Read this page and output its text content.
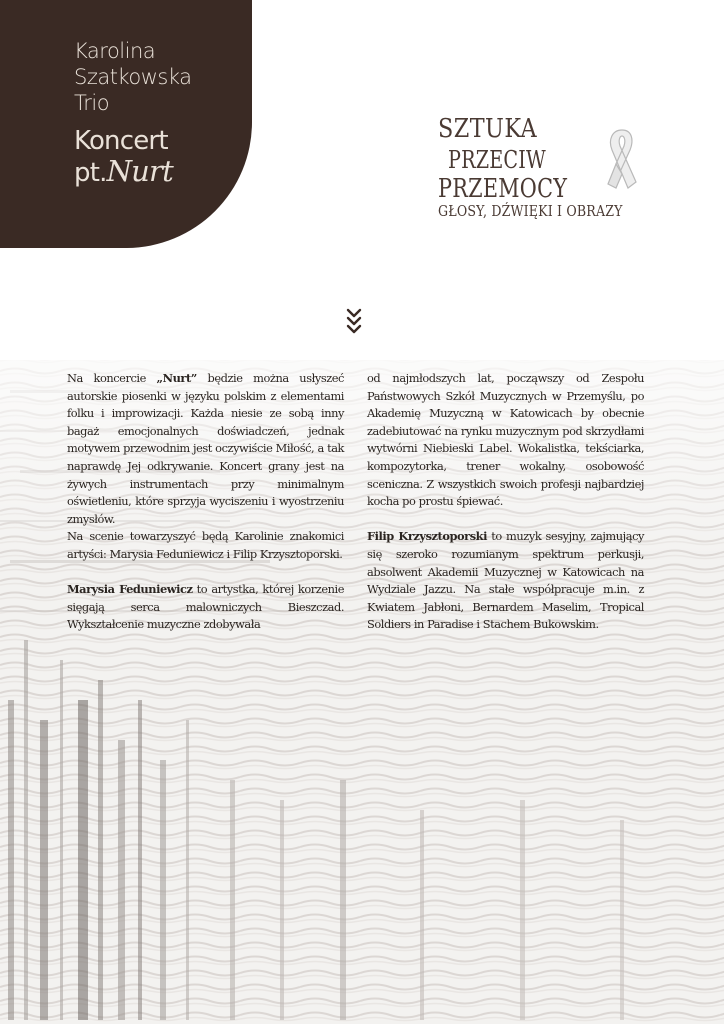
Karolina
Szatkowska
Trio
Koncert
pt.Nurt
SZTUKA
PRZECIW
PRZEMOCY
GŁOSY, DŹWIĘKI I OBRAZY

Na koncercie „Nurt” będzie można usłyszeć autorskie piosenki w języku polskim z elementami folku i improwizacji. Każda niesie ze sobą inny bagaż emocjonalnych doświadczeń, jednak motywem przewodnim jest oczywiście Miłość, a tak naprawdę Jej odkrywanie. Koncert grany jest na żywych instrumentach przy minimalnym oświetleniu, które sprzyja wyciszeniu i wyostrzeniu zmysłów.

Na scenie towarzyszyć będą Karolinie znakomici artyści: Marysia Feduniewicz i Filip Krzysztoporski.

Marysia Feduniewicz to artystka, której korzenie sięgają serca malowniczych Bieszczad. Wykształcenie muzyczne zdobywała

od najmłodszych lat, począwszy od Zespołu Państwowych Szkół Muzycznych w Przemyślu, po Akademię Muzyczną w Katowicach by obecnie zadebiutować na rynku muzycznym pod skrzydłami wytwórni Niebieski Label. Wokalistka, tekściarka, kompozytorka, trener wokalny, osobowość sceniczna. Z wszystkich swoich profesji najbardziej kocha po prostu śpiewać.

Filip Krzysztoporski to muzyk sesyjny, zajmujący się szeroko rozumianym spektrum perkusji, absolwent Akademii Muzycznej w Katowicach na Wydziale Jazzu. Na stałe współpracuje m.in. z Kwiatem Jabłoni, Bernardem Maselim, Tropical Soldiers in Paradise i Stachem Bukowskim.
